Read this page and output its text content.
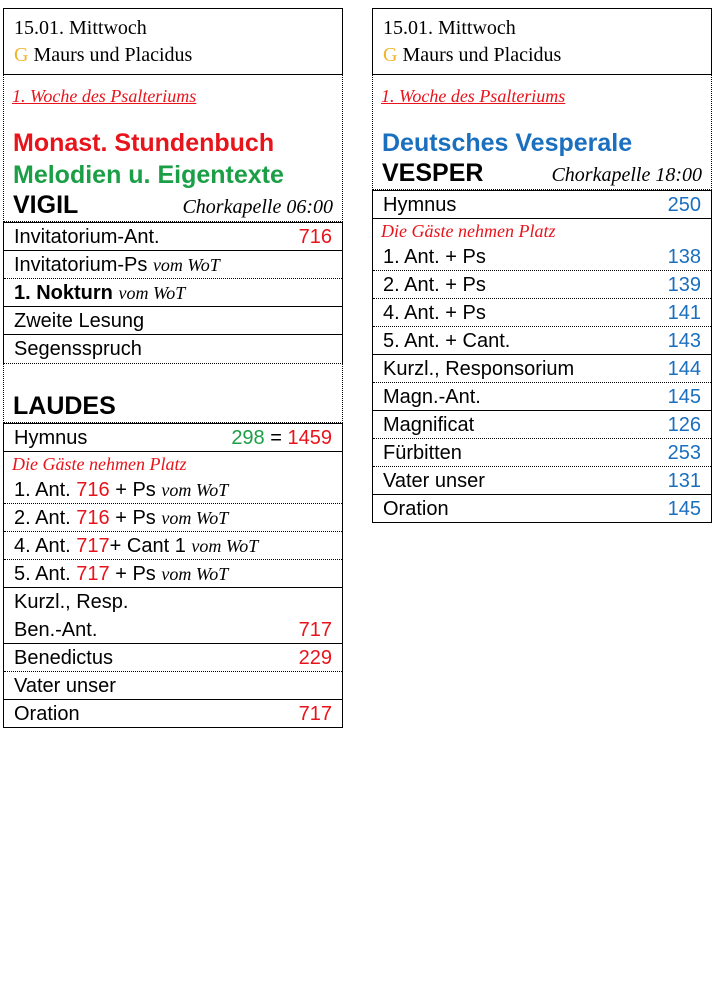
15.01. Mittwoch
G Maurs und Placidus
1. Woche des Psalteriums
Monast. Stundenbuch
Melodien u. Eigentexte
VIGIL	Chorkapelle 06:00
Invitatorium-Ant.	716
Invitatorium-Ps vom WoT
1. Nokturn vom WoT
Zweite Lesung
Segensspruch
LAUDES
Hymnus	298 = 1459
Die Gäste nehmen Platz
1. Ant. 716 + Ps vom WoT
2. Ant. 716 + Ps vom WoT
4. Ant. 717+ Cant 1 vom WoT
5. Ant. 717 + Ps vom WoT
Kurzl., Resp.
Ben.-Ant.	717
Benedictus	229
Vater unser
Oration	717
15.01. Mittwoch
G Maurs und Placidus
1. Woche des Psalteriums
Deutsches Vesperale
VESPER	Chorkapelle 18:00
Hymnus	250
Die Gäste nehmen Platz
1. Ant. + Ps	138
2. Ant. + Ps	139
4. Ant. + Ps	141
5. Ant. + Cant.	143
Kurzl., Responsorium	144
Magn.-Ant.	145
Magnificat	126
Fürbitten	253
Vater unser	131
Oration	145
